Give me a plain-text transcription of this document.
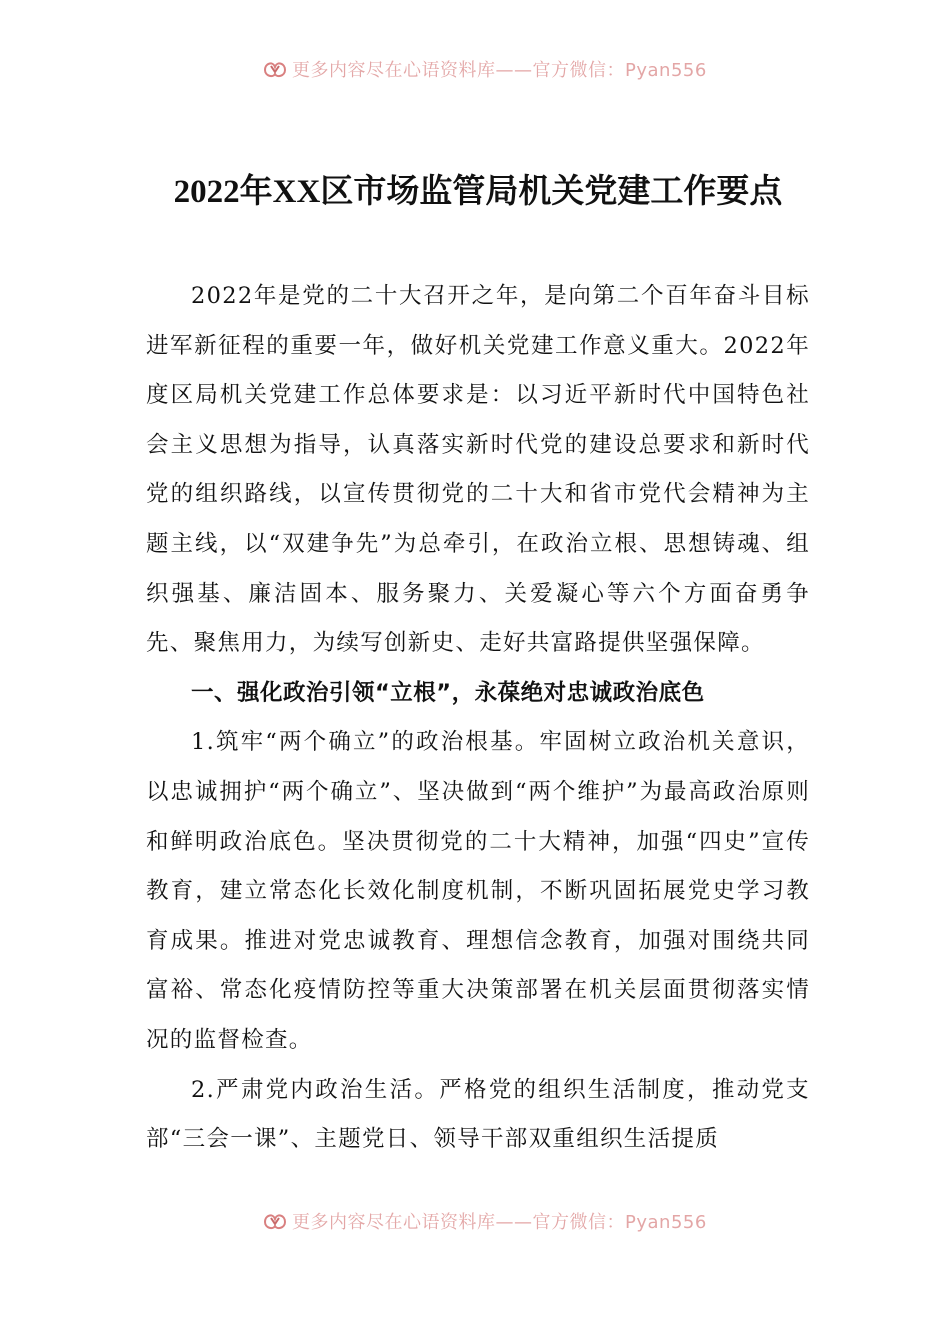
更多内容尽在心语资料库——官方微信：Pyan556
2022年XX区市场监管局机关党建工作要点

2022年是党的二十大召开之年，是向第二个百年奋斗目标进军新征程的重要一年，做好机关党建工作意义重大。2022年度区局机关党建工作总体要求是：以习近平新时代中国特色社会主义思想为指导，认真落实新时代党的建设总要求和新时代党的组织路线，以宣传贯彻党的二十大和省市党代会精神为主题主线，以“双建争先”为总牵引，在政治立根、思想铸魂、组织强基、廉洁固本、服务聚力、关爱凝心等六个方面奋勇争先、聚焦用力，为续写创新史、走好共富路提供坚强保障。

一、强化政治引领“立根”，永葆绝对忠诚政治底色

1.筑牢“两个确立”的政治根基。牢固树立政治机关意识，以忠诚拥护“两个确立”、坚决做到“两个维护”为最高政治原则和鲜明政治底色。坚决贯彻党的二十大精神，加强“四史”宣传教育，建立常态化长效化制度机制，不断巩固拓展党史学习教育成果。推进对党忠诚教育、理想信念教育，加强对围绕共同富裕、常态化疫情防控等重大决策部署在机关层面贯彻落实情况的监督检查。

2.严肃党内政治生活。严格党的组织生活制度，推动党支部“三会一课”、主题党日、领导干部双重组织生活提质

更多内容尽在心语资料库——官方微信：Pyan556
